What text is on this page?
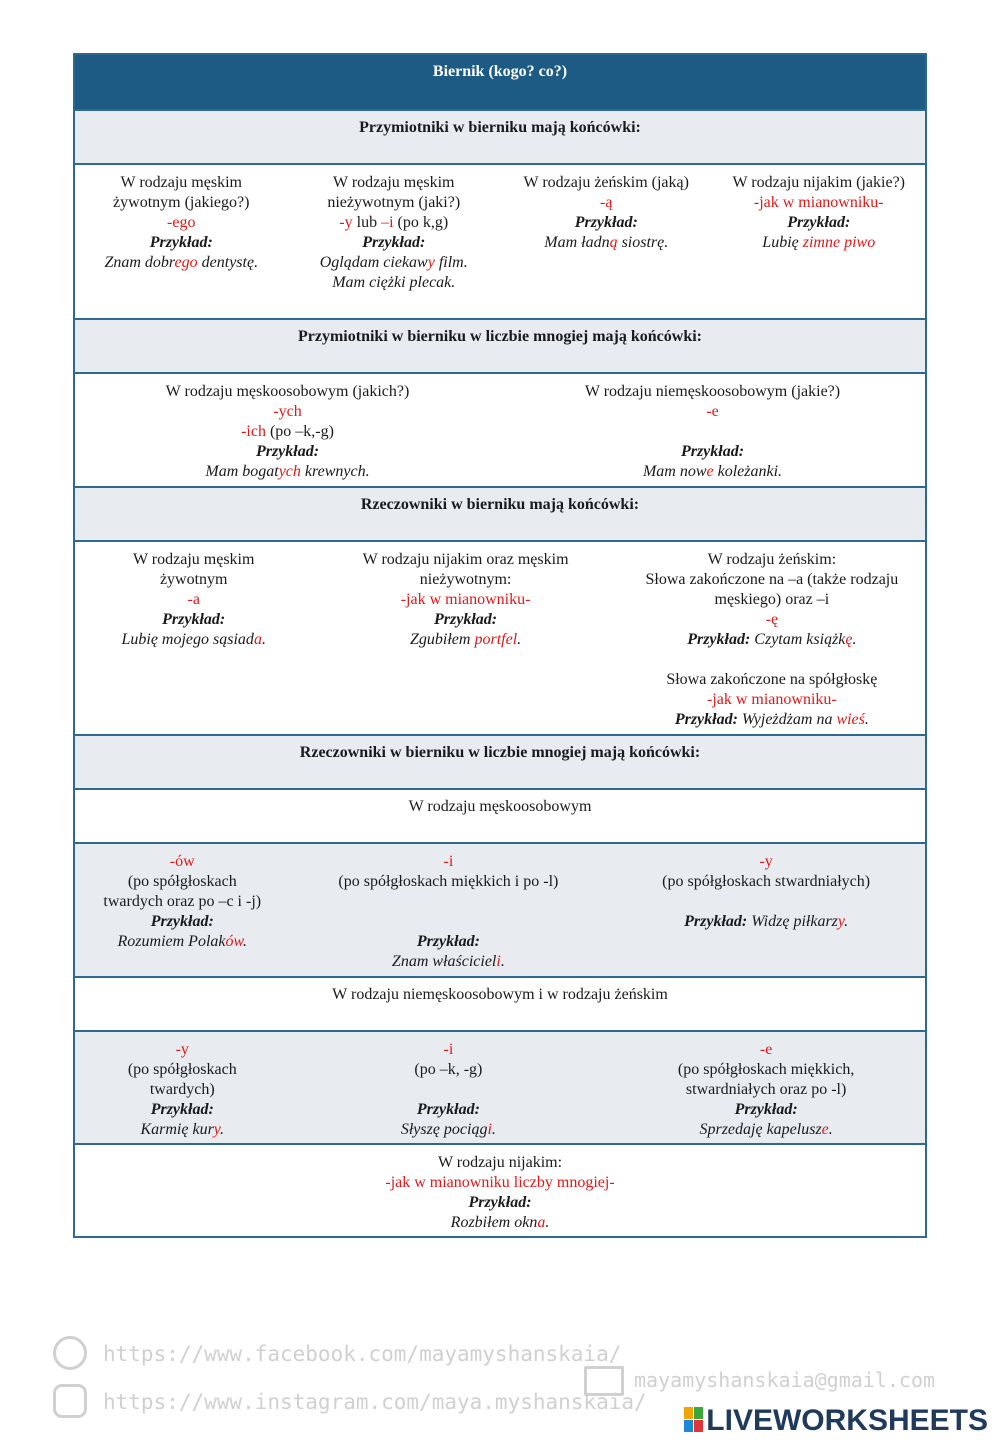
Biernik (kogo? co?)
Przymiotniki w bierniku mają końcówki:
W rodzaju męskim
żywotnym (jakiego?)
-ego
Przykład:
Znam dobrego dentystę.
W rodzaju męskim
nieżywotnym (jaki?)
-y lub –i (po k,g)
Przykład:
Oglądam ciekawy film.
Mam ciężki plecak.
W rodzaju żeńskim (jaką)
-ą
Przykład:
Mam ładną siostrę.
W rodzaju nijakim (jakie?)
-jak w mianowniku-
Przykład:
Lubię zimne piwo
Przymiotniki w bierniku w liczbie mnogiej mają końcówki:
W rodzaju męskoosobowym (jakich?)
-ych
-ich (po –k,-g)
Przykład:
Mam bogatych krewnych.
W rodzaju niemęskoosobowym (jakie?)
-e
Przykład:
Mam nowe koleżanki.
Rzeczowniki w bierniku mają końcówki:
W rodzaju męskim
żywotnym
-a
Przykład:
Lubię mojego sąsiada.
W rodzaju nijakim oraz męskim
nieżywotnym:
-jak w mianowniku-
Przykład:
Zgubiłem portfel.
W rodzaju żeńskim:
Słowa zakończone na –a (także rodzaju
męskiego) oraz –i
-ę
Przykład: Czytam książkę.
Słowa zakończone na spółgłoskę
-jak w mianowniku-
Przykład: Wyjeżdżam na wieś.
Rzeczowniki w bierniku w liczbie mnogiej mają końcówki:
W rodzaju męskoosobowym
-ów
(po spółgłoskach
twardych oraz po –c i -j)
Przykład:
Rozumiem Polaków.
-i
(po spółgłoskach miękkich i po -l)
Przykład:
Znam właścicieli.
-y
(po spółgłoskach stwardniałych)
Przykład: Widzę piłkarzy.
W rodzaju niemęskoosobowym i w rodzaju żeńskim
-y
(po spółgłoskach
twardych)
Przykład:
Karmię kury.
-i
(po –k, -g)
Przykład:
Słyszę pociągi.
-e
(po spółgłoskach miękkich,
stwardniałych oraz po -l)
Przykład:
Sprzedaję kapelusze.
W rodzaju nijakim:
-jak w mianowniku liczby mnogiej-
Przykład:
Rozbiłem okna.
https://www.facebook.com/mayamyshanskaia/
https://www.instagram.com/maya.myshanskaia/
mayamyshanskaia@gmail.com
LIVEWORKSHEETS
